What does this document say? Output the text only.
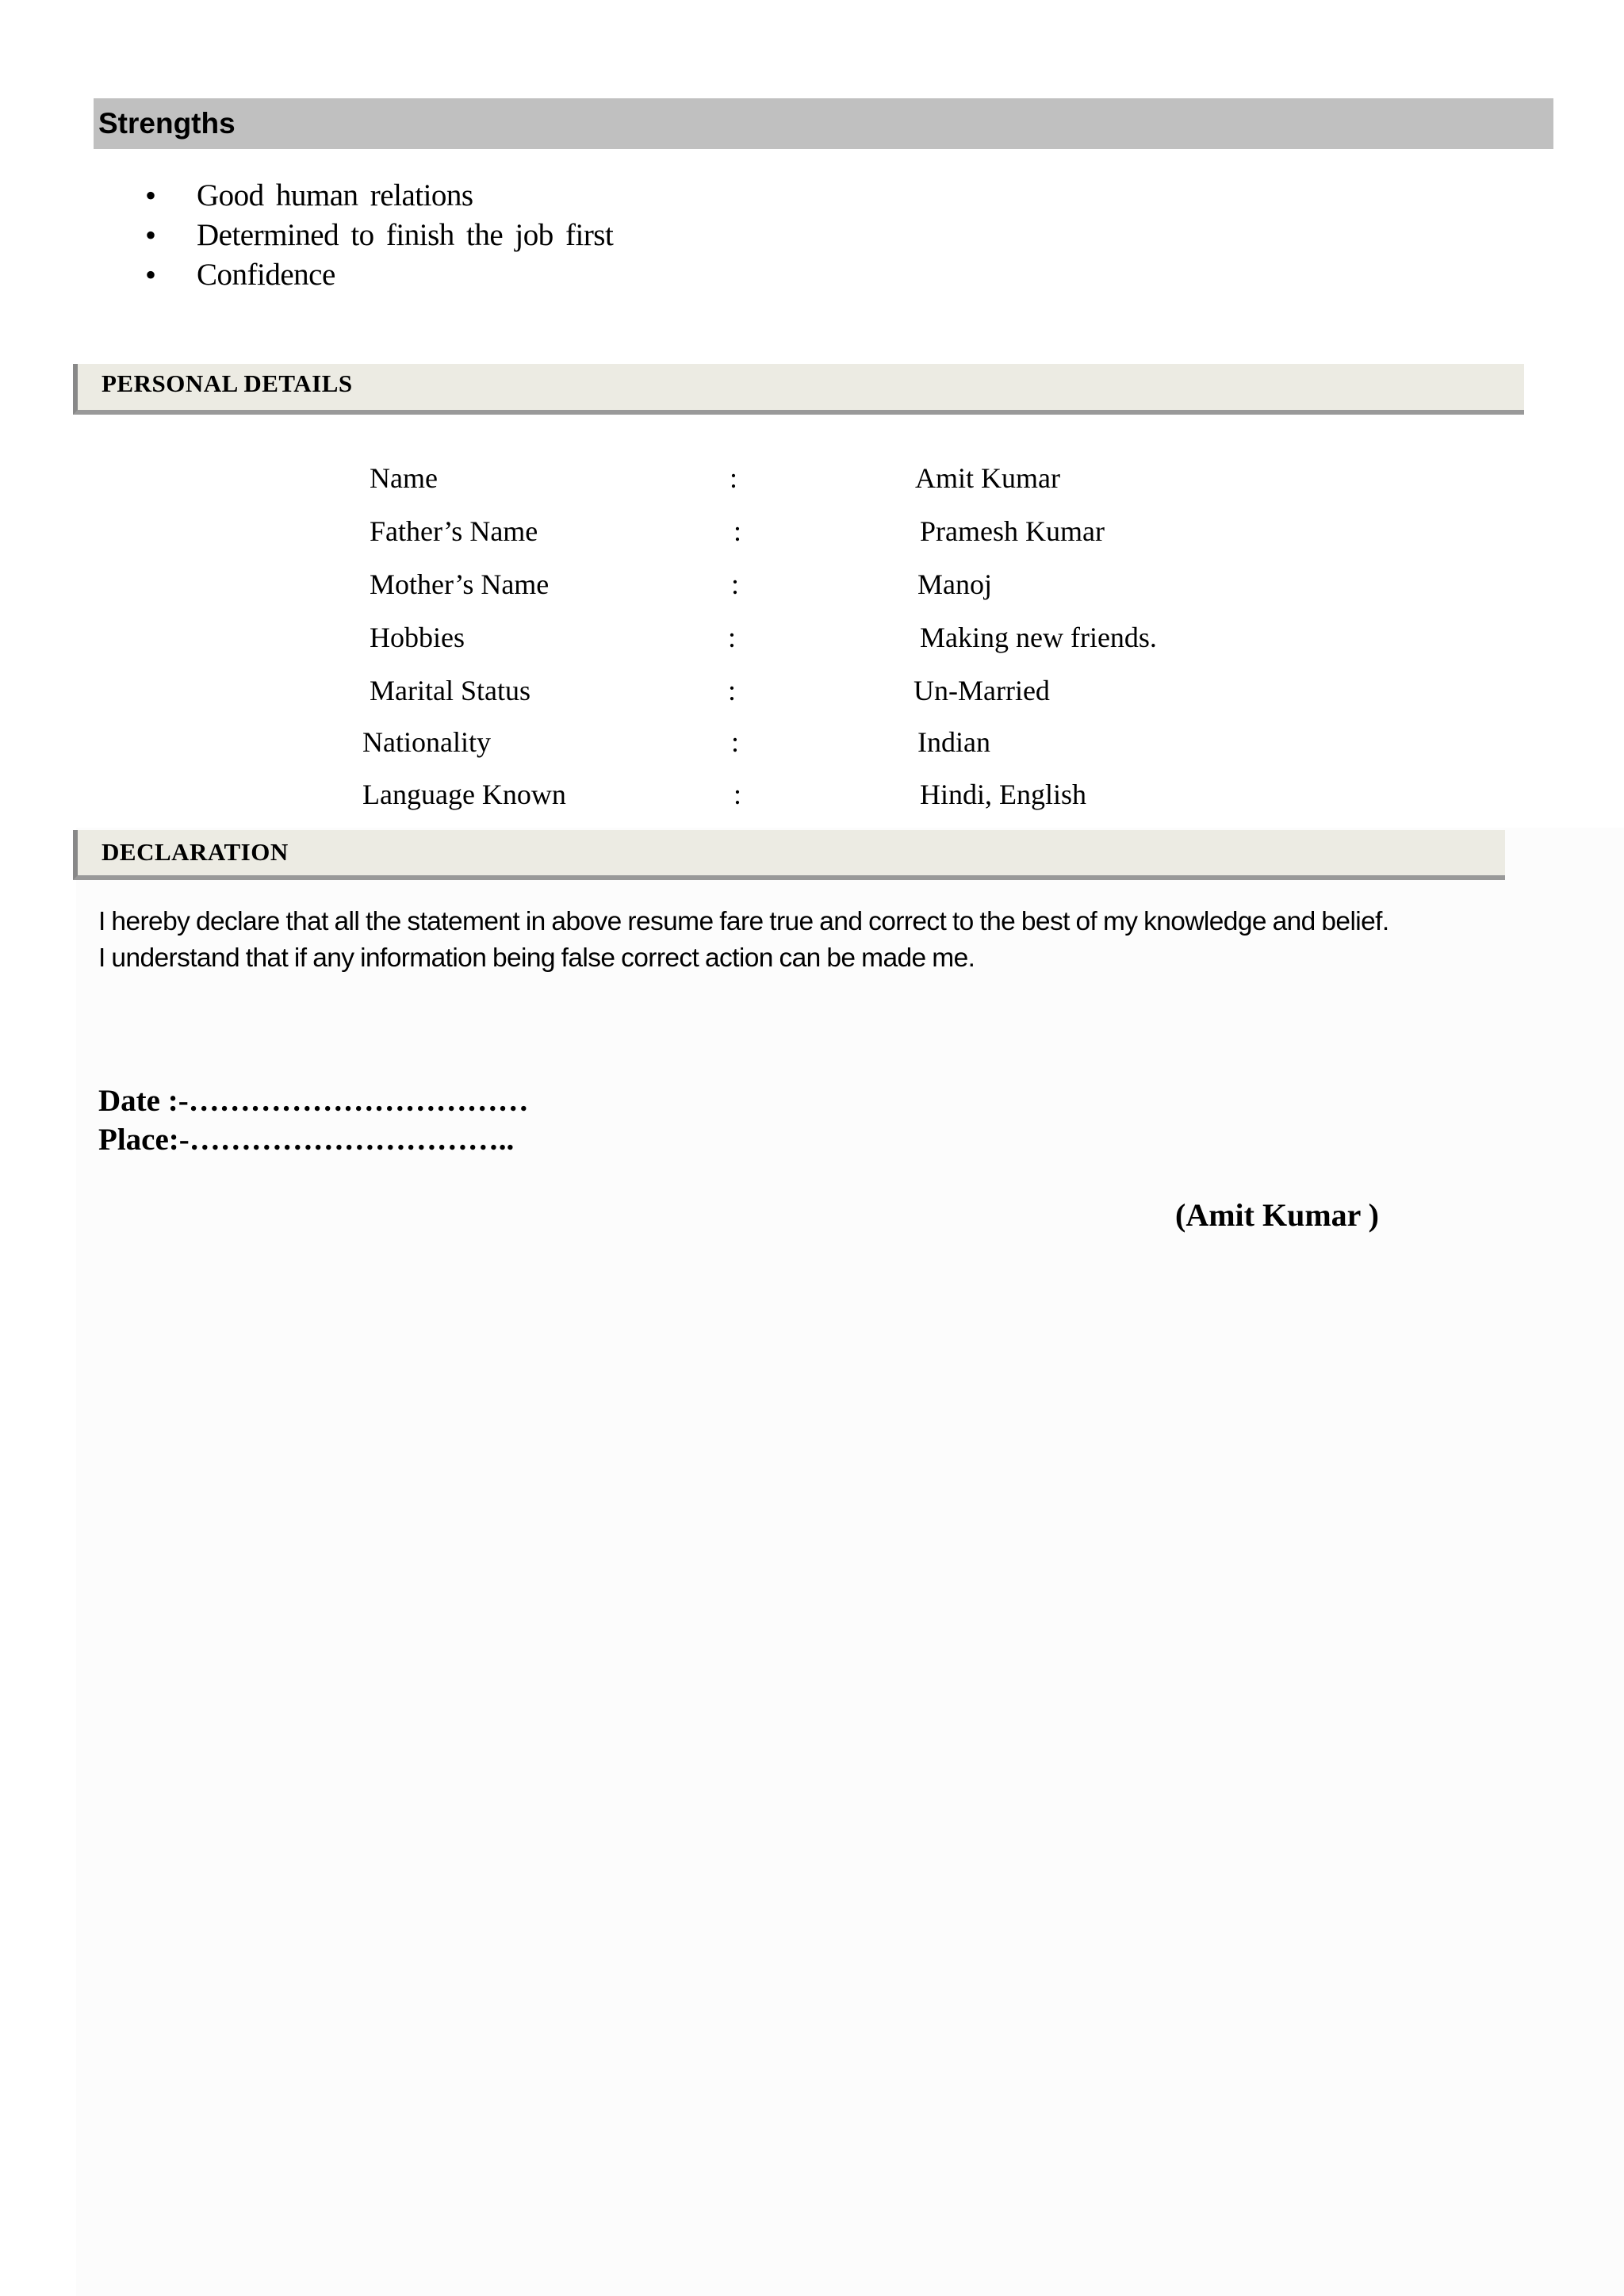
Strengths
• Good human relations
• Determined to finish the job first
• Confidence
PERSONAL DETAILS
Name	:	Amit Kumar
Father’s Name	:	Pramesh Kumar
Mother’s Name	:	Manoj
Hobbies	:	Making new friends.
Marital Status	:	Un-Married
Nationality	:	Indian
Language Known	:	Hindi, English
DECLARATION
I hereby declare that all the statement in above resume fare true and correct to the best of my knowledge and belief.
I understand that if any information being false correct action can be made me.
Date :-……………………………
Place:-…………………………..
(Amit Kumar )
